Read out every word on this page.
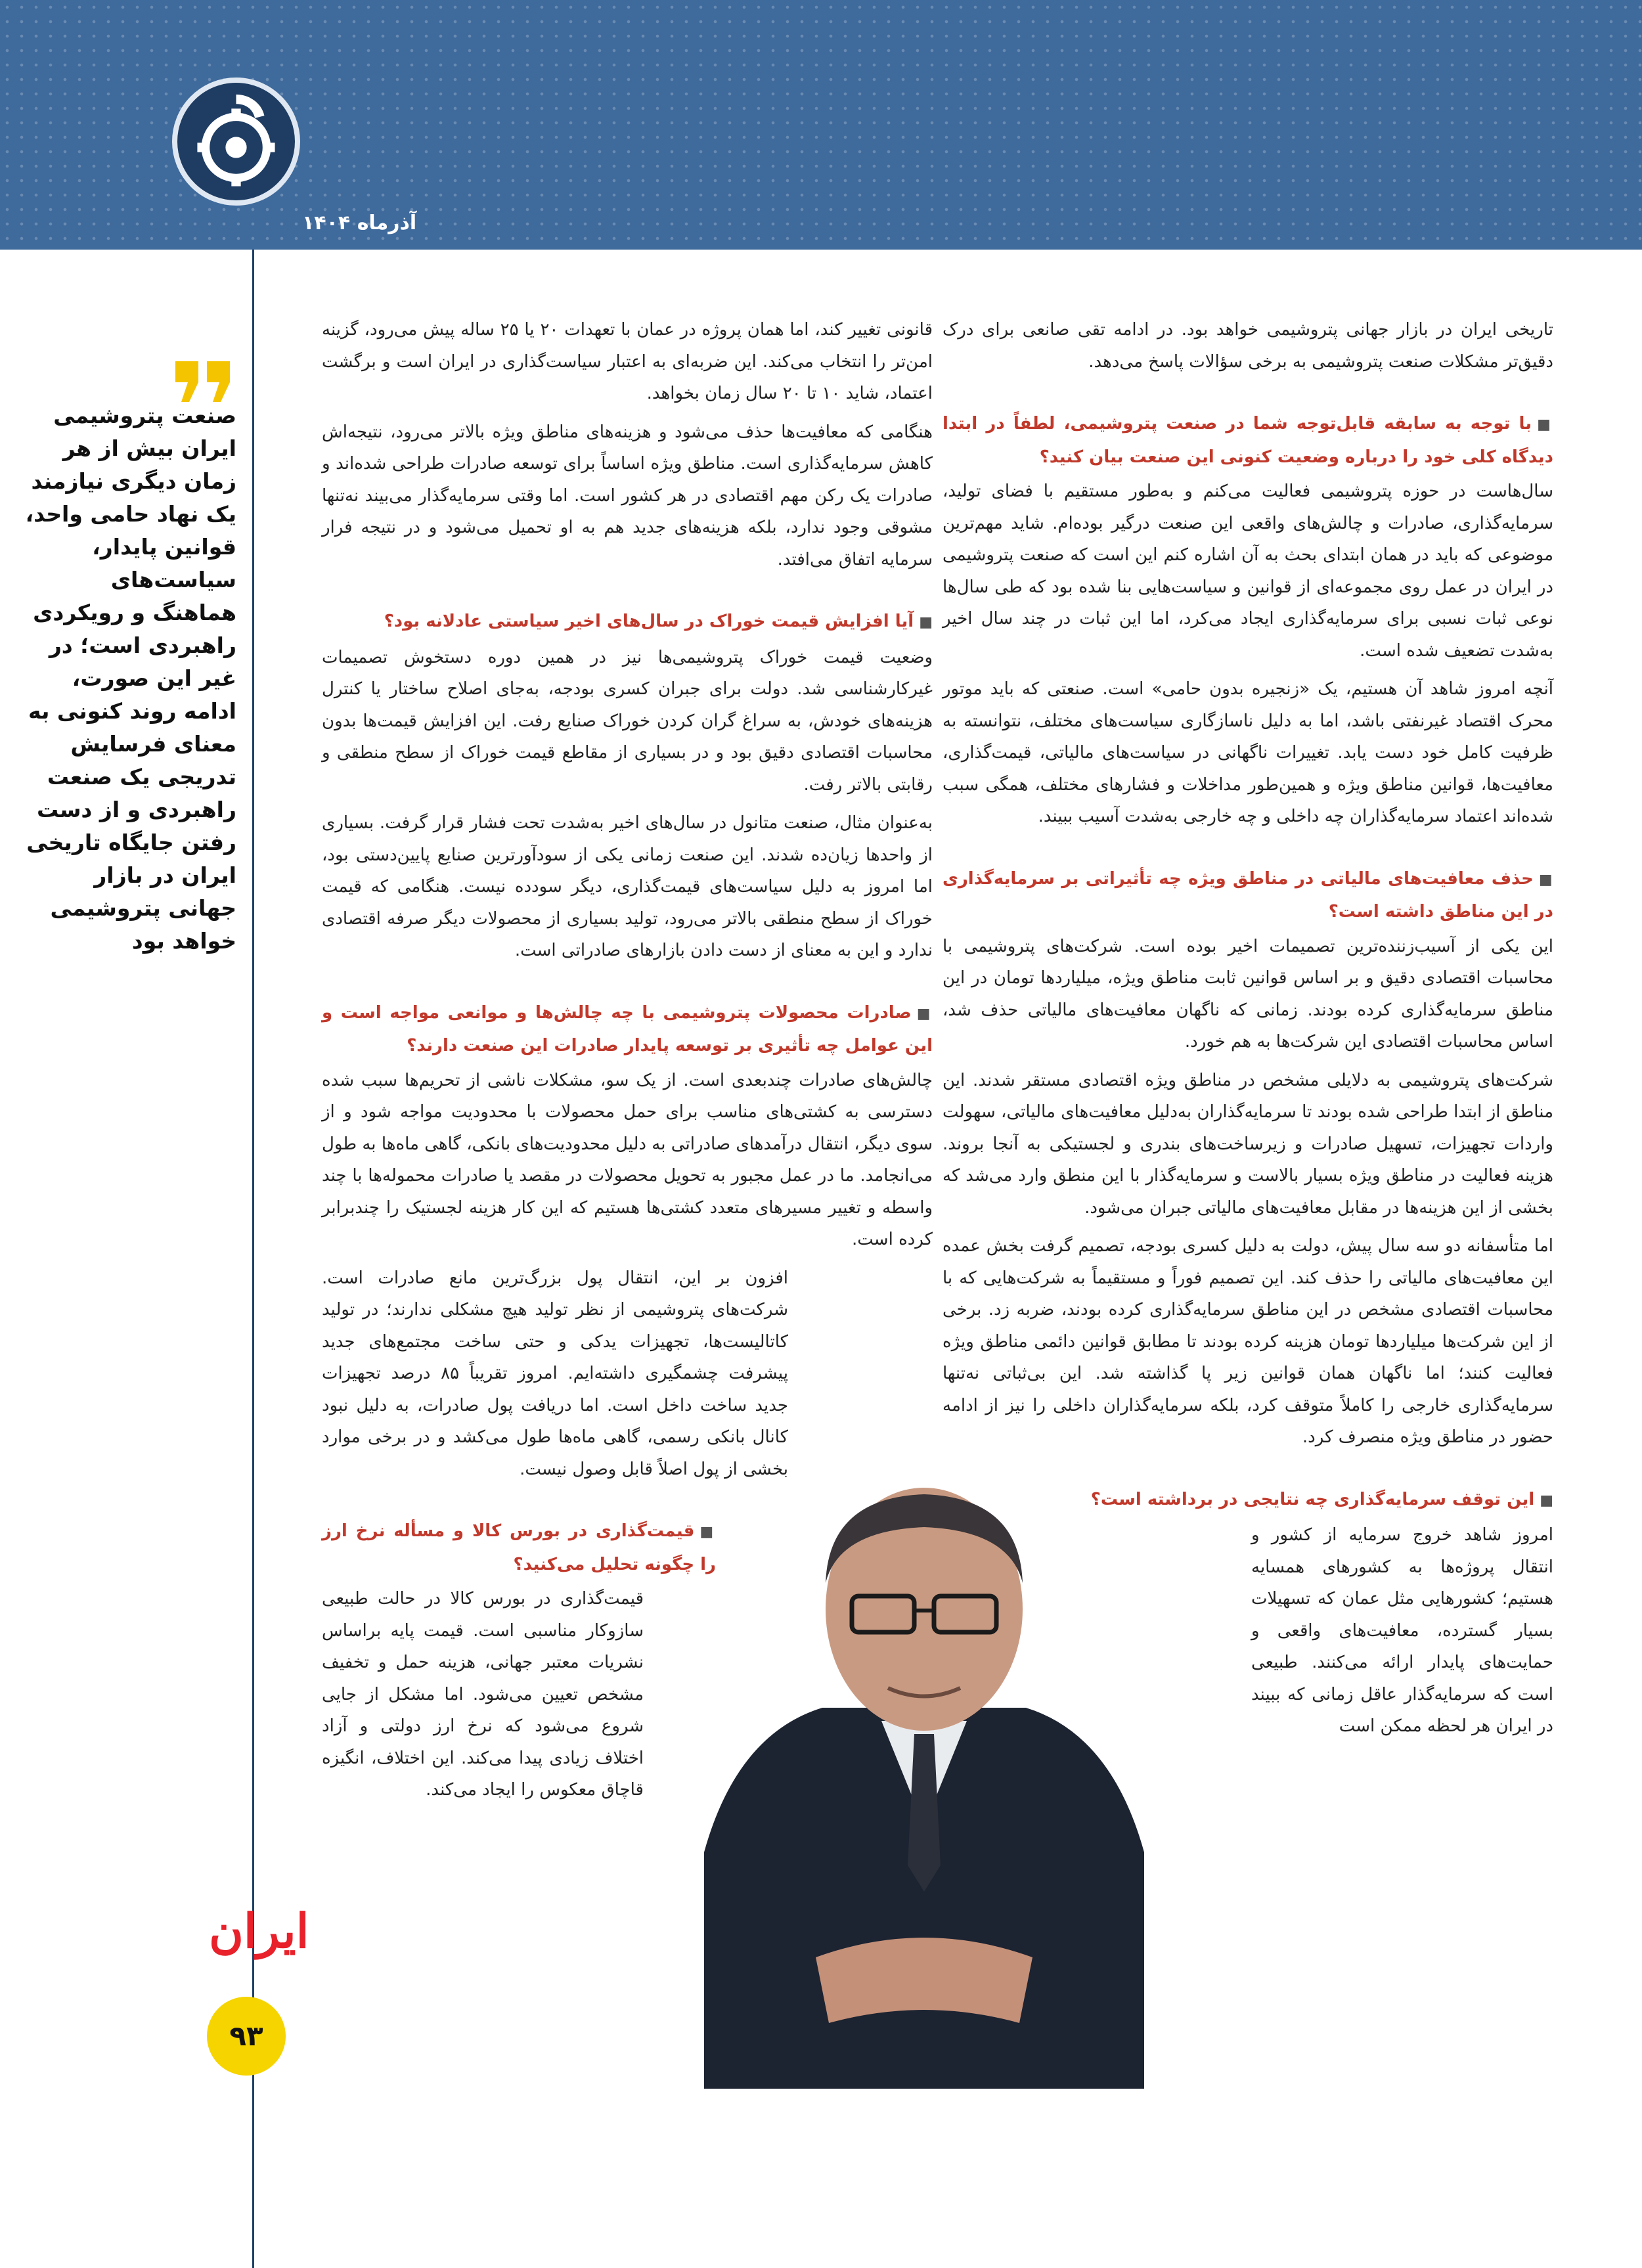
آذرماه ۱۴۰۴
صنعت پتروشیمی ایران بیش از هر زمان دیگری نیازمند یک نهاد حامی واحد، قوانین پایدار، سیاست‌های هماهنگ و رویکردی راهبردی است؛ در غیر این صورت، ادامه روند کنونی به معنای فرسایش تدریجی یک صنعت راهبردی و از دست رفتن جایگاه تاریخی ایران در بازار جهانی پتروشیمی خواهد بود
ایران
۹۳

تاریخی ایران در بازار جهانی پتروشیمی خواهد بود. در ادامه تقی صانعی برای درک دقیق‌تر مشکلات صنعت پتروشیمی به برخی سؤالات پاسخ می‌دهد.

■با توجه به سابقه قابل‌توجه شما در صنعت پتروشیمی، لطفاً در ابتدا دیدگاه کلی خود را درباره وضعیت کنونی این صنعت بیان کنید؟

سال‌هاست در حوزه پتروشیمی فعالیت می‌کنم و به‌طور مستقیم با فضای تولید، سرمایه‌گذاری، صادرات و چالش‌های واقعی این صنعت درگیر بوده‌ام. شاید مهم‌ترین موضوعی که باید در همان ابتدای بحث به آن اشاره کنم این است که صنعت پتروشیمی در ایران در عمل روی مجموعه‌ای از قوانین و سیاست‌هایی بنا شده بود که طی سال‌ها نوعی ثبات نسبی برای سرمایه‌گذاری ایجاد می‌کرد، اما این ثبات در چند سال اخیر به‌شدت تضعیف شده است.

آنچه امروز شاهد آن هستیم، یک «زنجیره بدون حامی» است. صنعتی که باید موتور محرک اقتصاد غیرنفتی باشد، اما به دلیل ناسازگاری سیاست‌های مختلف، نتوانسته به ظرفیت کامل خود دست یابد. تغییرات ناگهانی در سیاست‌های مالیاتی، قیمت‌گذاری، معافیت‌ها، قوانین مناطق ویژه و همین‌طور مداخلات و فشارهای مختلف، همگی سبب شده‌اند اعتماد سرمایه‌گذاران چه داخلی و چه خارجی به‌شدت آسیب ببیند.

■حذف معافیت‌های مالیاتی در مناطق ویژه چه تأثیراتی بر سرمایه‌گذاری در این مناطق داشته است؟

این یکی از آسیب‌زننده‌ترین تصمیمات اخیر بوده است. شرکت‌های پتروشیمی با محاسبات اقتصادی دقیق و بر اساس قوانین ثابت مناطق ویژه، میلیاردها تومان در این مناطق سرمایه‌گذاری کرده بودند. زمانی که ناگهان معافیت‌های مالیاتی حذف شد، اساس محاسبات اقتصادی این شرکت‌ها به هم خورد.

شرکت‌های پتروشیمی به دلایلی مشخص در مناطق ویژه اقتصادی مستقر شدند. این مناطق از ابتدا طراحی شده بودند تا سرمایه‌گذاران به‌دلیل معافیت‌های مالیاتی، سهولت واردات تجهیزات، تسهیل صادرات و زیرساخت‌های بندری و لجستیکی به آنجا بروند. هزینه فعالیت در مناطق ویژه بسیار بالاست و سرمایه‌گذار با این منطق وارد می‌شد که بخشی از این هزینه‌ها در مقابل معافیت‌های مالیاتی جبران می‌شود.

اما متأسفانه دو سه سال پیش، دولت به دلیل کسری بودجه، تصمیم گرفت بخش عمده این معافیت‌های مالیاتی را حذف کند. این تصمیم فوراً و مستقیماً به شرکت‌هایی که با محاسبات اقتصادی مشخص در این مناطق سرمایه‌گذاری کرده بودند، ضربه زد. برخی از این شرکت‌ها میلیاردها تومان هزینه کرده بودند تا مطابق قوانین دائمی مناطق ویژه فعالیت کنند؛ اما ناگهان همان قوانین زیر پا گذاشته شد. این بی‌ثباتی نه‌تنها سرمایه‌گذاری خارجی را کاملاً متوقف کرد، بلکه سرمایه‌گذاران داخلی را نیز از ادامه حضور در مناطق ویژه منصرف کرد.

■این توقف سرمایه‌گذاری چه نتایجی در برداشته است؟

امروز شاهد خروج سرمایه از کشور و انتقال پروژه‌ها به کشورهای همسایه هستیم؛ کشورهایی مثل عمان که تسهیلات بسیار گسترده، معافیت‌های واقعی و حمایت‌های پایدار ارائه می‌کنند. طبیعی است که سرمایه‌گذار عاقل زمانی که ببیند در ایران هر لحظه ممکن است

قانونی تغییر کند، اما همان پروژه در عمان با تعهدات ۲۰ یا ۲۵ ساله پیش می‌رود، گزینه امن‌تر را انتخاب می‌کند. این ضربه‌ای به اعتبار سیاست‌گذاری در ایران است و برگشت اعتماد، شاید ۱۰ تا ۲۰ سال زمان بخواهد.

هنگامی که معافیت‌ها حذف می‌شود و هزینه‌های مناطق ویژه بالاتر می‌رود، نتیجه‌اش کاهش سرمایه‌گذاری است. مناطق ویژه اساساً برای توسعه صادرات طراحی شده‌اند و صادرات یک رکن مهم اقتصادی در هر کشور است. اما وقتی سرمایه‌گذار می‌بیند نه‌تنها مشوقی وجود ندارد، بلکه هزینه‌های جدید هم به او تحمیل می‌شود و در نتیجه فرار سرمایه اتفاق می‌افتد.

■آیا افزایش قیمت خوراک در سال‌های اخیر سیاستی عادلانه بود؟

وضعیت قیمت خوراک پتروشیمی‌ها نیز در همین دوره دستخوش تصمیمات غیرکارشناسی شد. دولت برای جبران کسری بودجه، به‌جای اصلاح ساختار یا کنترل هزینه‌های خودش، به سراغ گران کردن خوراک صنایع رفت. این افزایش قیمت‌ها بدون محاسبات اقتصادی دقیق بود و در بسیاری از مقاطع قیمت خوراک از سطح منطقی و رقابتی بالاتر رفت.

به‌عنوان مثال، صنعت متانول در سال‌های اخیر به‌شدت تحت فشار قرار گرفت. بسیاری از واحدها زیان‌ده شدند. این صنعت زمانی یکی از سودآورترین صنایع پایین‌دستی بود، اما امروز به دلیل سیاست‌های قیمت‌گذاری، دیگر سودده نیست. هنگامی که قیمت خوراک از سطح منطقی بالاتر می‌رود، تولید بسیاری از محصولات دیگر صرفه اقتصادی ندارد و این به معنای از دست دادن بازارهای صادراتی است.

■صادرات محصولات پتروشیمی با چه چالش‌ها و موانعی مواجه است و این عوامل چه تأثیری بر توسعه پایدار صادرات این صنعت دارند؟

چالش‌های صادرات چندبعدی است. از یک سو، مشکلات ناشی از تحریم‌ها سبب شده دسترسی به کشتی‌های مناسب برای حمل محصولات با محدودیت مواجه شود و از سوی دیگر، انتقال درآمدهای صادراتی به دلیل محدودیت‌های بانکی، گاهی ماه‌ها به طول می‌انجامد. ما در عمل مجبور به تحویل محصولات در مقصد یا صادرات محموله‌ها با چند واسطه و تغییر مسیرهای متعدد کشتی‌ها هستیم که این کار هزینه لجستیک را چندبرابر کرده است.

افزون بر این، انتقال پول بزرگ‌ترین مانع صادرات است. شرکت‌های پتروشیمی از نظر تولید هیچ مشکلی ندارند؛ در تولید کاتالیست‌ها، تجهیزات یدکی و حتی ساخت مجتمع‌های جدید پیشرفت چشمگیری داشته‌ایم. امروز تقریباً ۸۵ درصد تجهیزات جدید ساخت داخل است. اما دریافت پول صادرات، به دلیل نبود کانال بانکی رسمی، گاهی ماه‌ها طول می‌کشد و در برخی موارد بخشی از پول اصلاً قابل وصول نیست.

■قیمت‌گذاری در بورس کالا و مسأله نرخ ارز را چگونه تحلیل می‌کنید؟

قیمت‌گذاری در بورس کالا در حالت طبیعی سازوکار مناسبی است. قیمت پایه براساس نشریات معتبر جهانی، هزینه حمل و تخفیف مشخص تعیین می‌شود. اما مشکل از جایی شروع می‌شود که نرخ ارز دولتی و آزاد اختلاف زیادی پیدا می‌کند. این اختلاف، انگیزه قاچاق معکوس را ایجاد می‌کند.
